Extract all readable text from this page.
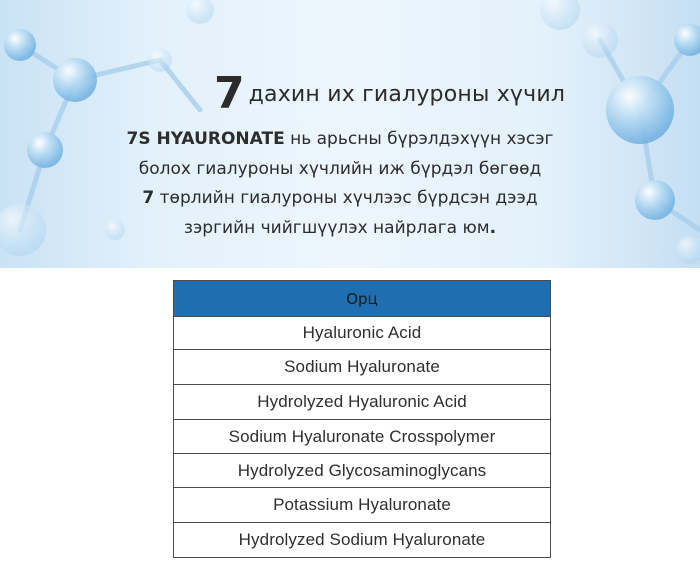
7 дахин их гиалуроны хүчил
7S HYAURONATE нь арьсны бүрэлдэхүүн хэсэг
болох гиалуроны хүчлийн иж бүрдэл бөгөөд
7 төрлийн гиалуроны хүчлээс бүрдсэн дээд
зэргийн чийгшүүлэх найрлага юм.
Орц
Hyaluronic Acid
Sodium Hyaluronate
Hydrolyzed Hyaluronic Acid
Sodium Hyaluronate Crosspolymer
Hydrolyzed Glycosaminoglycans
Potassium Hyaluronate
Hydrolyzed Sodium Hyaluronate
